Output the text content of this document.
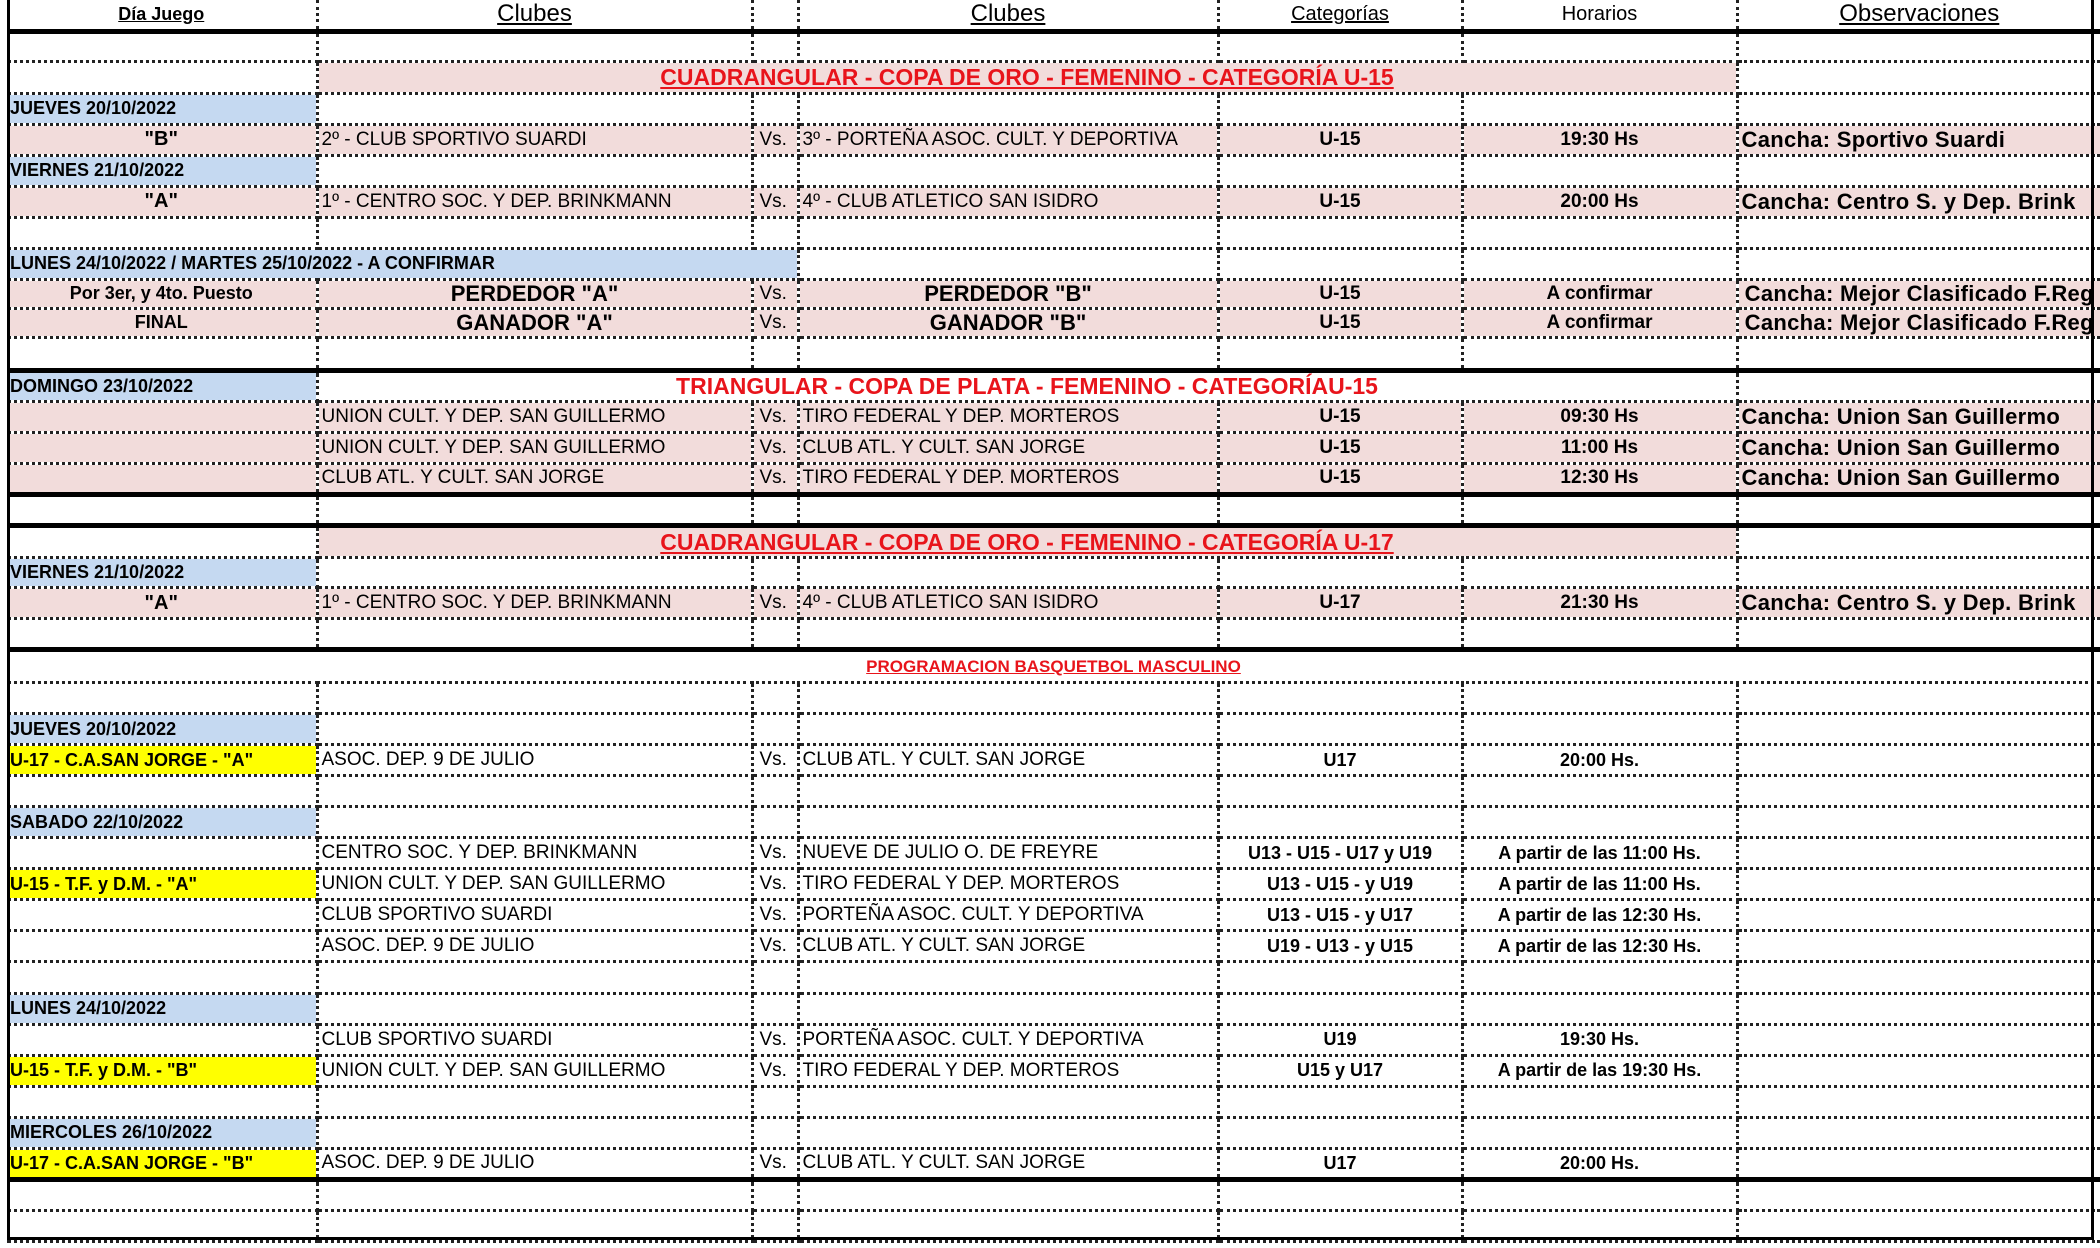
Día Juego	Clubes		Clubes	Categorías	Horarios	Observaciones

	CUADRANGULAR - COPA DE ORO - FEMENINO - CATEGORÍA U-15					
JUEVES 20/10/2022						
"B"	2º - CLUB SPORTIVO SUARDI	Vs.	3º - PORTEÑA ASOC. CULT. Y DEPORTIVA	U-15	19:30 Hs	Cancha: Sportivo Suardi
VIERNES 21/10/2022						
"A"	1º - CENTRO SOC. Y DEP. BRINKMANN	Vs.	4º - CLUB ATLETICO SAN ISIDRO	U-15	20:00 Hs	Cancha: Centro S. y Dep. Brink

LUNES 24/10/2022 / MARTES 25/10/2022 - A CONFIRMAR						
Por 3er, y 4to. Puesto	PERDEDOR "A"	Vs.	PERDEDOR "B"	U-15	A confirmar	Cancha: Mejor Clasificado F.Reg
FINAL	GANADOR "A"	Vs.	GANADOR "B"	U-15	A confirmar	Cancha: Mejor Clasificado F.Reg

DOMINGO 23/10/2022	TRIANGULAR - COPA DE PLATA - FEMENINO - CATEGORÍAU-15					
	UNION CULT. Y DEP. SAN GUILLERMO	Vs.	TIRO FEDERAL Y DEP. MORTEROS	U-15	09:30 Hs	Cancha: Union San Guillermo
	UNION CULT. Y DEP. SAN GUILLERMO	Vs.	CLUB ATL. Y CULT. SAN JORGE	U-15	11:00 Hs	Cancha: Union San Guillermo
	CLUB ATL. Y CULT. SAN JORGE	Vs.	TIRO FEDERAL Y DEP. MORTEROS	U-15	12:30 Hs	Cancha: Union San Guillermo

	CUADRANGULAR - COPA DE ORO - FEMENINO - CATEGORÍA U-17					
VIERNES 21/10/2022						
"A"	1º - CENTRO SOC. Y DEP. BRINKMANN	Vs.	4º - CLUB ATLETICO SAN ISIDRO	U-17	21:30 Hs	Cancha: Centro S. y Dep. Brink

PROGRAMACION BASQUETBOL MASCULINO						

JUEVES 20/10/2022						
U-17 - C.A.SAN JORGE - "A"	ASOC. DEP. 9 DE JULIO	Vs.	CLUB ATL. Y CULT. SAN JORGE	U17	20:00 Hs.	

SABADO 22/10/2022						
	CENTRO SOC. Y DEP. BRINKMANN	Vs.	NUEVE DE JULIO O. DE FREYRE	U13 - U15 - U17 y U19	A partir de las 11:00 Hs.	
U-15 - T.F. y D.M. - "A"	UNION CULT. Y DEP. SAN GUILLERMO	Vs.	TIRO FEDERAL Y DEP. MORTEROS	U13 - U15 - y U19	A partir de las 11:00 Hs.	
	CLUB SPORTIVO SUARDI	Vs.	PORTEÑA ASOC. CULT. Y DEPORTIVA	U13 - U15 - y U17	A partir de las 12:30 Hs.	
	ASOC. DEP. 9 DE JULIO	Vs.	CLUB ATL. Y CULT. SAN JORGE	U19 - U13 - y U15	A partir de las 12:30 Hs.	

LUNES 24/10/2022						
	CLUB SPORTIVO SUARDI	Vs.	PORTEÑA ASOC. CULT. Y DEPORTIVA	U19	19:30 Hs.	
U-15 - T.F. y D.M. - "B"	UNION CULT. Y DEP. SAN GUILLERMO	Vs.	TIRO FEDERAL Y DEP. MORTEROS	U15 y U17	A partir de las 19:30 Hs.	

MIERCOLES 26/10/2022						
U-17 - C.A.SAN JORGE - "B"	ASOC. DEP. 9 DE JULIO	Vs.	CLUB ATL. Y CULT. SAN JORGE	U17	20:00 Hs.	
